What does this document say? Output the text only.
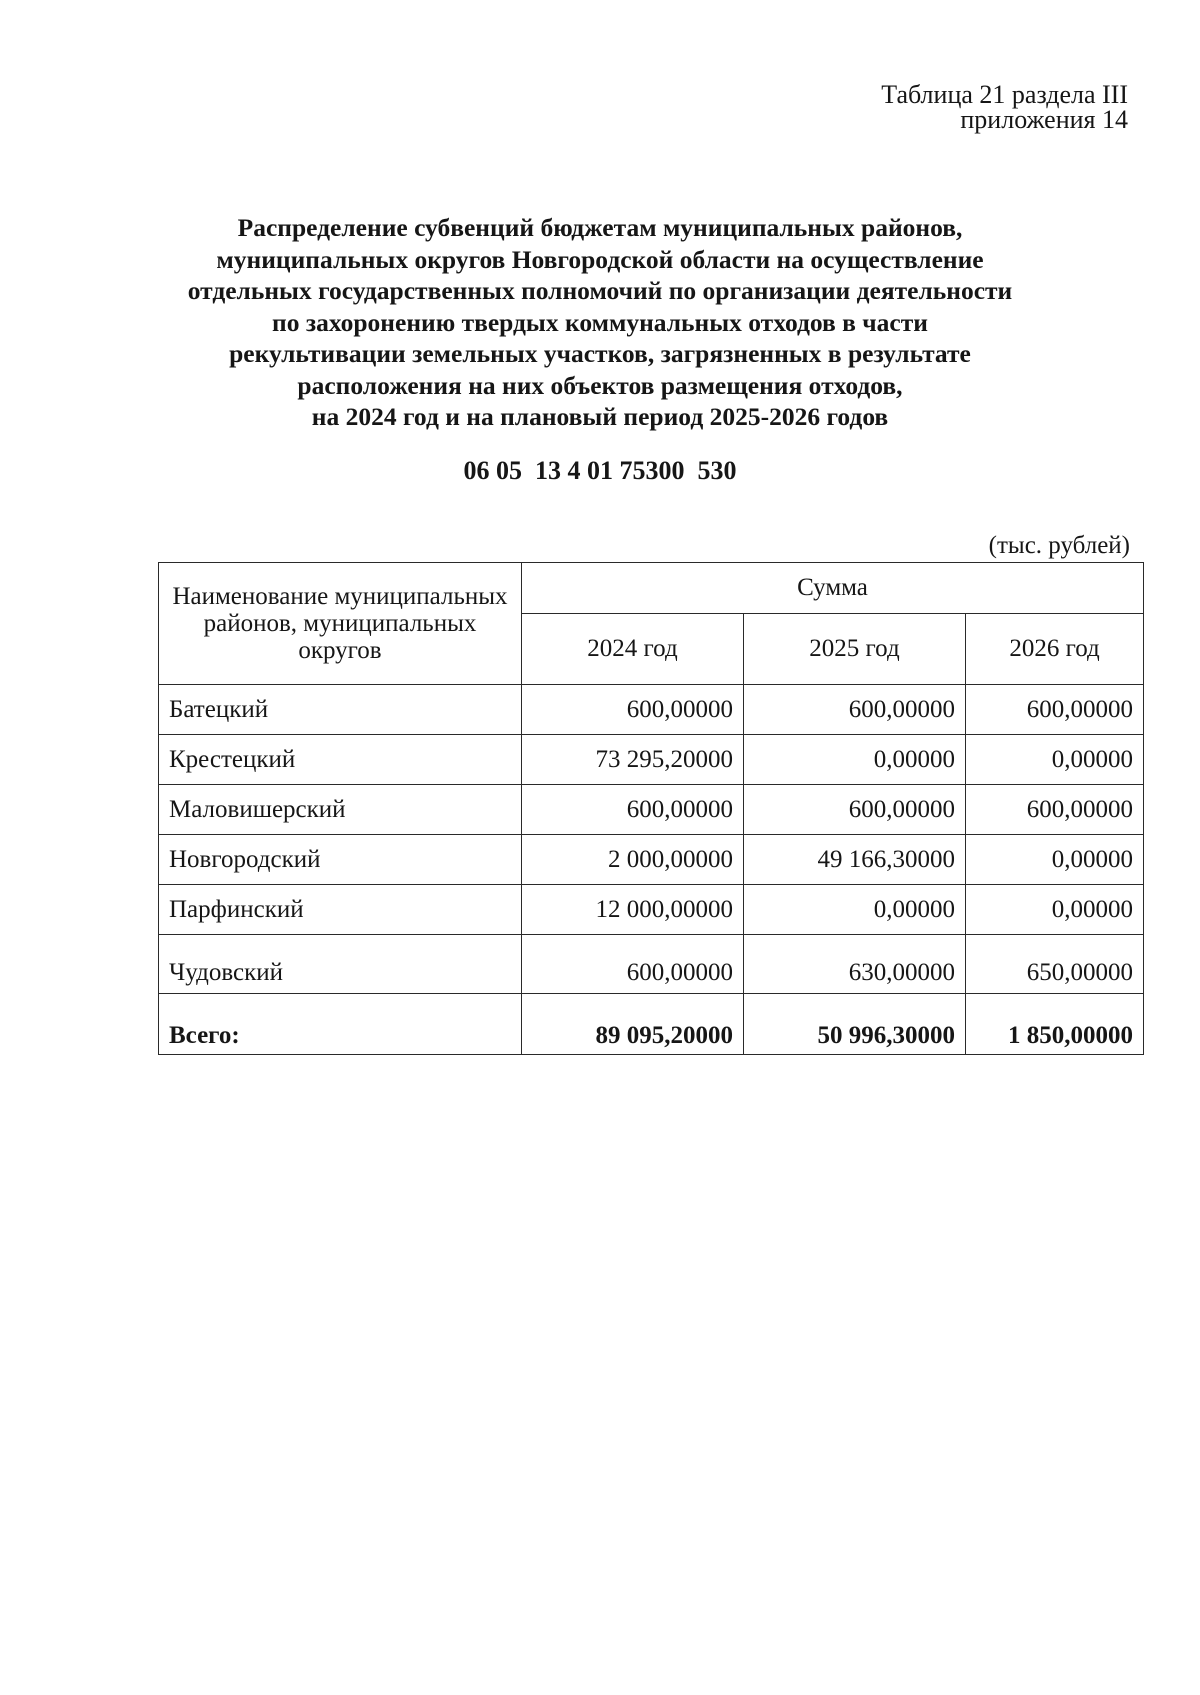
Таблица 21 раздела III
приложения 14
Распределение субвенций бюджетам муниципальных районов,
муниципальных округов Новгородской области на осуществление
отдельных государственных полномочий по организации деятельности
по захоронению твердых коммунальных отходов в части
рекультивации земельных участков, загрязненных в результате
расположения на них объектов размещения отходов,
на 2024 год и на плановый период 2025-2026 годов
06 05  13 4 01 75300  530
(тыс. рублей)
Наименование муниципальных районов, муниципальных округов	Сумма		
	2024 год	2025 год	2026 год
Батецкий	600,00000	600,00000	600,00000
Крестецкий	73 295,20000	0,00000	0,00000
Маловишерский	600,00000	600,00000	600,00000
Новгородский	2 000,00000	49 166,30000	0,00000
Парфинский	12 000,00000	0,00000	0,00000
Чудовский	600,00000	630,00000	650,00000
Всего:	89 095,20000	50 996,30000	1 850,00000
